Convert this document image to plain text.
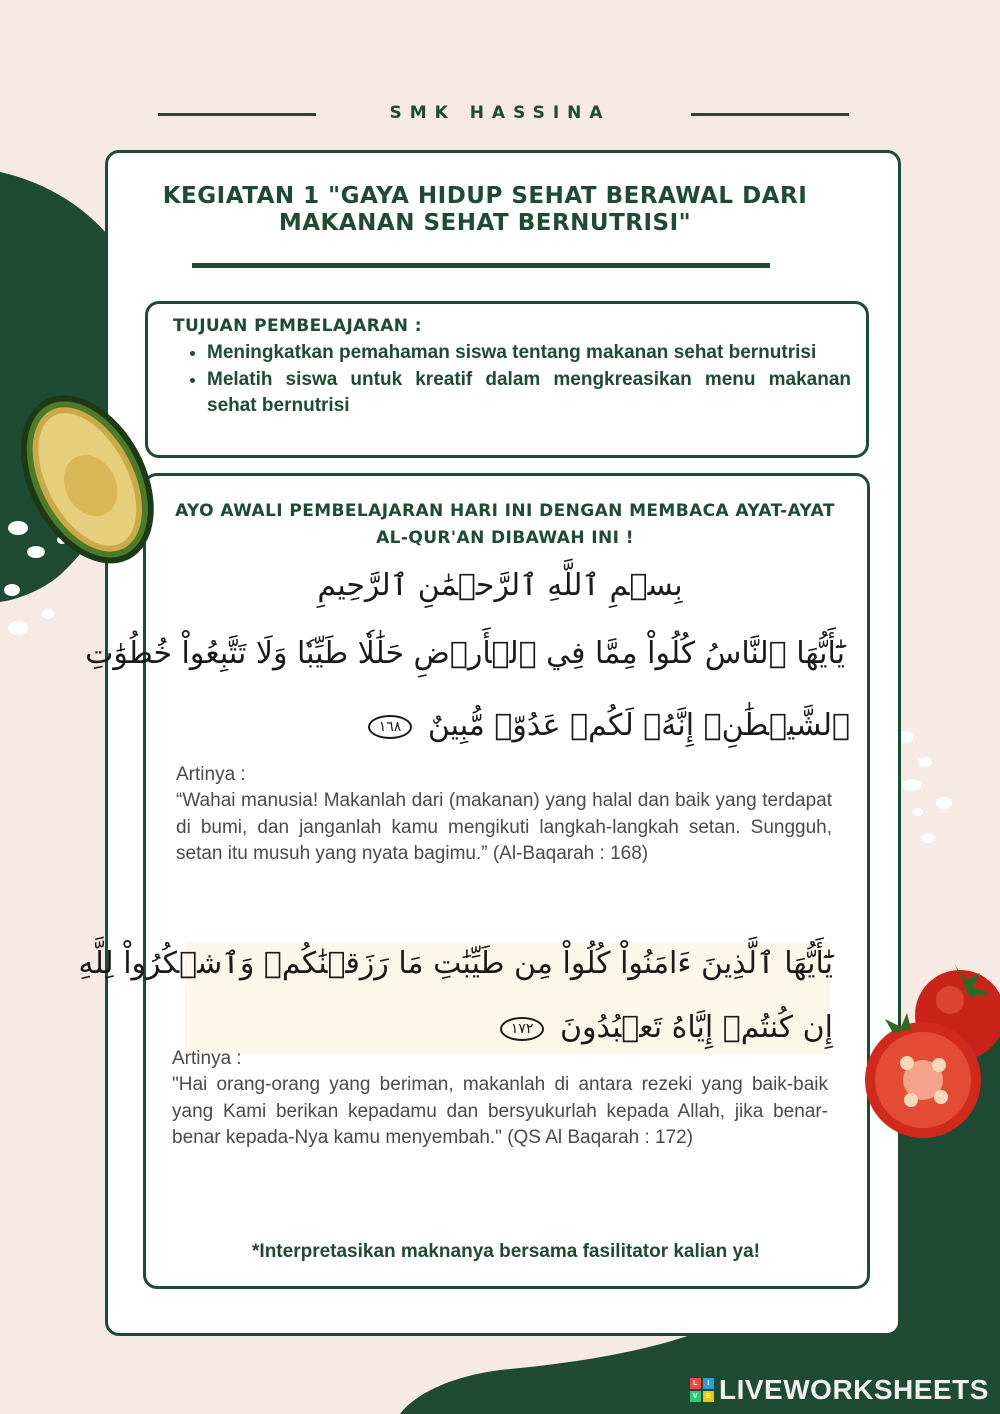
SMK HASSINA
KEGIATAN 1 "GAYA HIDUP SEHAT BERAWAL DARI MAKANAN SEHAT BERNUTRISI"
TUJUAN PEMBELAJARAN :
• Meningkatkan pemahaman siswa tentang makanan sehat bernutrisi
• Melatih siswa untuk kreatif dalam mengkreasikan menu makanan sehat bernutrisi
AYO AWALI PEMBELAJARAN HARI INI DENGAN MEMBACA AYAT-AYAT AL-QUR'AN DIBAWAH INI !
بِسۡمِ ٱللَّهِ ٱلرَّحۡمَٰنِ ٱلرَّحِيمِ
يَٰٓأَيُّهَا ٱلنَّاسُ كُلُواْ مِمَّا فِي ٱلۡأَرۡضِ حَلَٰلٗا طَيِّبٗا وَلَا تَتَّبِعُواْ خُطُوَٰتِ
ٱلشَّيۡطَٰنِۚ إِنَّهُۥ لَكُمۡ عَدُوّٞ مُّبِينٌ ١٦٨
Artinya :
“Wahai manusia! Makanlah dari (makanan) yang halal dan baik yang terdapat di bumi, dan janganlah kamu mengikuti langkah-langkah setan. Sungguh, setan itu musuh yang nyata bagimu.” (Al-Baqarah : 168)
يَٰٓأَيُّهَا ٱلَّذِينَ ءَامَنُواْ كُلُواْ مِن طَيِّبَٰتِ مَا رَزَقۡنَٰكُمۡ وَٱشۡكُرُواْ لِلَّهِ
إِن كُنتُمۡ إِيَّاهُ تَعۡبُدُونَ ١٧٢
Artinya :
"Hai orang-orang yang beriman, makanlah di antara rezeki yang baik-baik yang Kami berikan kepadamu dan bersyukurlah kepada Allah, jika benar-benar kepada-Nya kamu menyembah." (QS Al Baqarah : 172)
*Interpretasikan maknanya bersama fasilitator kalian ya!
L	I
V	E LIVEWORKSHEETS
